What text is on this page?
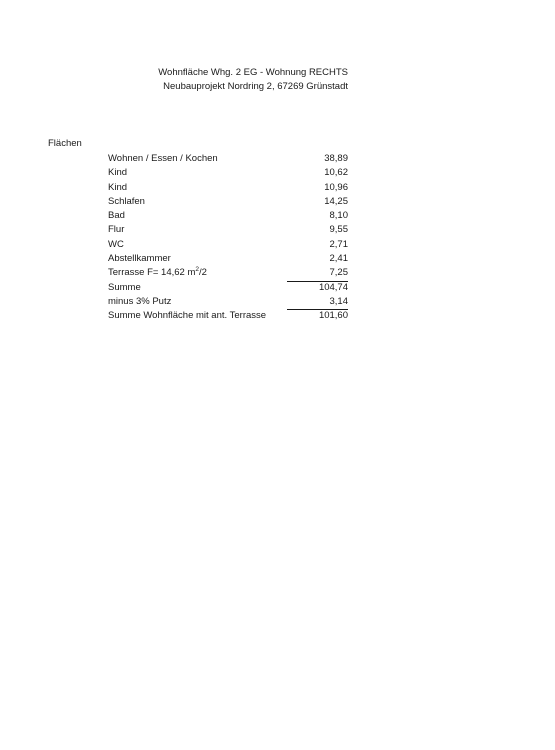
Wohnfläche Whg. 2 EG - Wohnung RECHTS
Neubauprojekt Nordring 2, 67269 Grünstadt
Flächen
Wohnen / Essen / Kochen	38,89
Kind	10,62
Kind	10,96
Schlafen	14,25
Bad	8,10
Flur	9,55
WC	2,71
Abstellkammer	2,41
Terrasse F= 14,62 $m^2/2$	7,25
Summe	104,74
minus 3% Putz	3,14
Summe Wohnfläche mit ant. Terrasse	101,60
